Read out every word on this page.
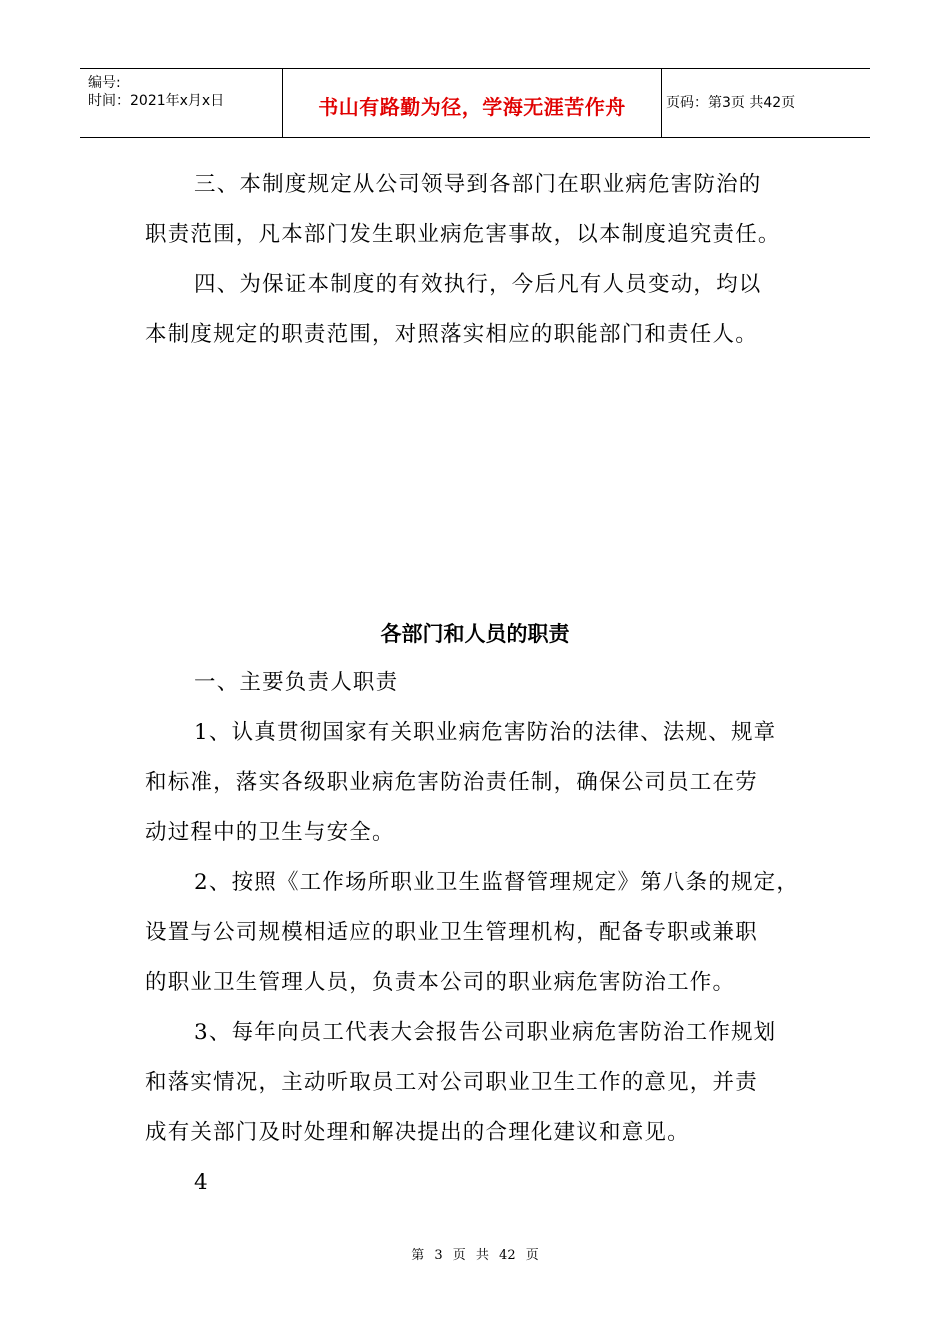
编号:
时间：2021年x月x日	书山有路勤为径，学海无涯苦作舟	页码：第3页 共42页

三、本制度规定从公司领导到各部门在职业病危害防治的

职责范围，凡本部门发生职业病危害事故，以本制度追究责任。

四、为保证本制度的有效执行，今后凡有人员变动，均以

本制度规定的职责范围，对照落实相应的职能部门和责任人。

各部门和人员的职责

一、主要负责人职责

1、认真贯彻国家有关职业病危害防治的法律、法规、规章

和标准，落实各级职业病危害防治责任制，确保公司员工在劳

动过程中的卫生与安全。

2、按照《工作场所职业卫生监督管理规定》第八条的规定，

设置与公司规模相适应的职业卫生管理机构，配备专职或兼职

的职业卫生管理人员，负责本公司的职业病危害防治工作。

3、每年向员工代表大会报告公司职业病危害防治工作规划

和落实情况，主动听取员工对公司职业卫生工作的意见，并责

成有关部门及时处理和解决提出的合理化建议和意见。

4

第 3 页 共 42 页
